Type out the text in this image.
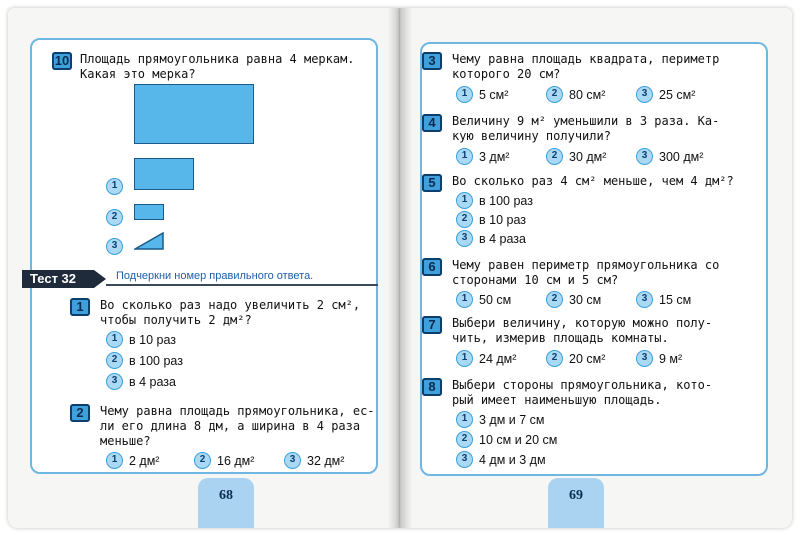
10 Площадь прямоугольника равна 4 меркам.
Какая это мерка?
1
2
3
Тест 32	Подчеркни номер правильного ответа.
1	Во сколько раз надо увеличить 2 см²,
чтобы получить 2 дм²?
1 в 10 раз
2 в 100 раз
3 в 4 раза
2	Чему равна площадь прямоугольника, ес-
ли его длина 8 дм, а ширина в 4 раза
меньше?
1 2 дм²	2 16 дм²	3 32 дм²
68
3	Чему равна площадь квадрата, периметр
которого 20 см?
1 5 см²	2 80 см²	3 25 см²
4	Величину 9 м² уменьшили в 3 раза. Ка-
кую величину получили?
1 3 дм²	2 30 дм²	3 300 дм²
5	Во сколько раз 4 см² меньше, чем 4 дм²?
1 в 100 раз
2 в 10 раз
3 в 4 раза
6	Чему равен периметр прямоугольника со
сторонами 10 см и 5 см?
1 50 см	2 30 см	3 15 см
7	Выбери величину, которую можно полу-
чить, измерив площадь комнаты.
1 24 дм²	2 20 см²	3 9 м²
8	Выбери стороны прямоугольника, кото-
рый имеет наименьшую площадь.
1 3 дм и 7 см
2 10 см и 20 см
3 4 дм и 3 дм
69
